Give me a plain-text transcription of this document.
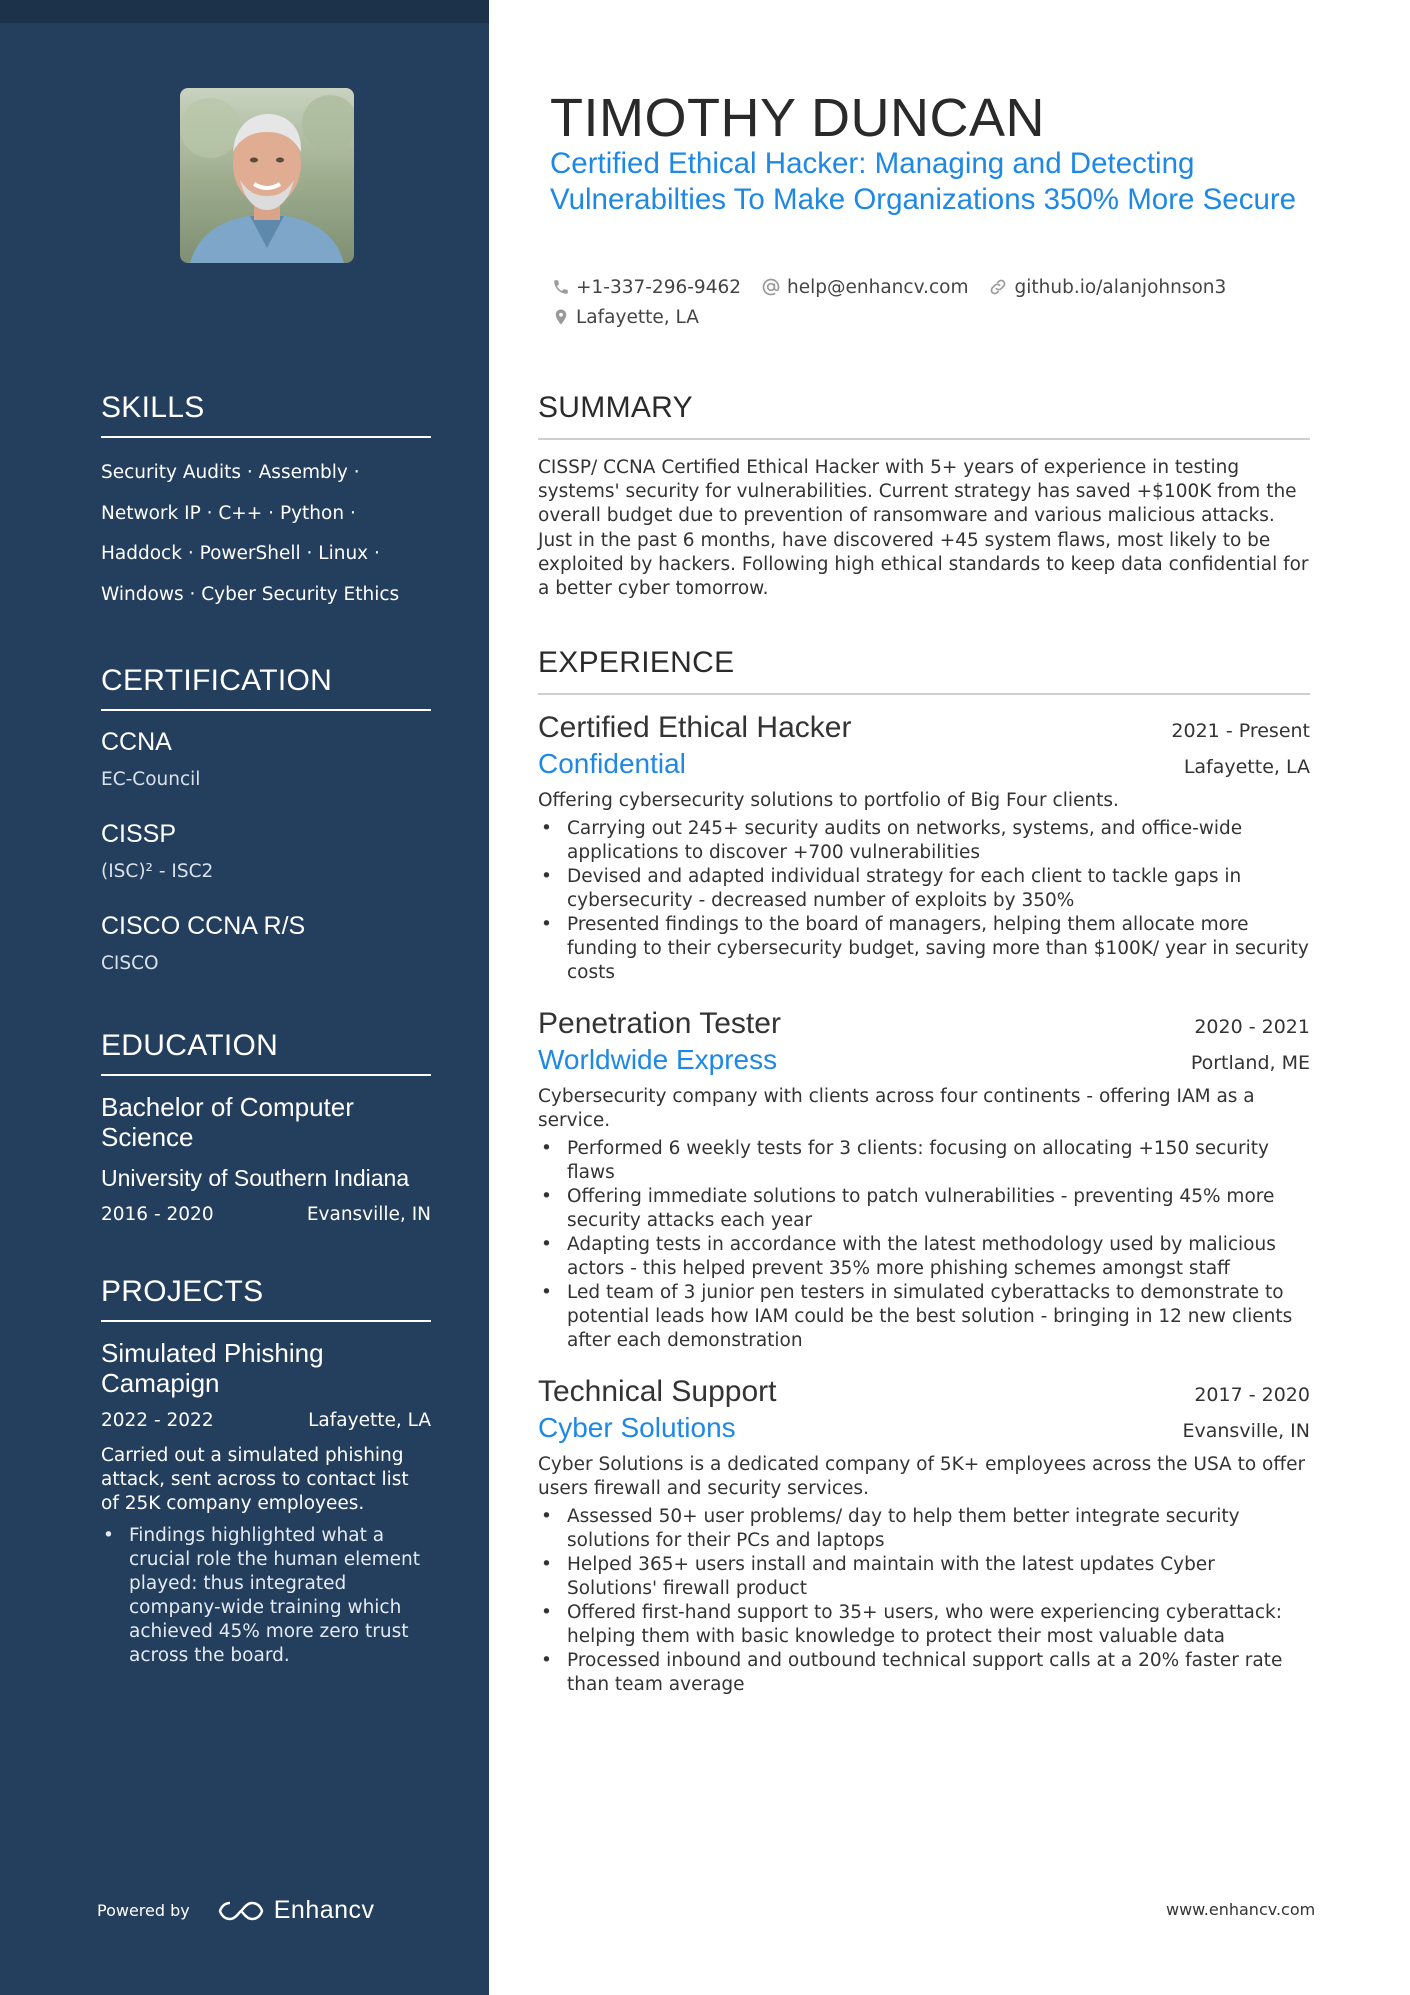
SKILLS
Security Audits · Assembly ·
Network IP · C++ · Python ·
Haddock · PowerShell · Linux ·
Windows · Cyber Security Ethics
CERTIFICATION
CCNA
EC-Council
CISSP
(ISC)² - ISC2
CISCO CCNA R/S
CISCO
EDUCATION
Bachelor of Computer Science
University of Southern Indiana
2016 - 2020	Evansville, IN
PROJECTS
Simulated Phishing Camapign
2022 - 2022	Lafayette, LA
Carried out a simulated phishing attack, sent across to contact list of 25K company employees.
• Findings highlighted what a crucial role the human element played: thus integrated company-wide training which achieved 45% more zero trust across the board.
Powered by	Enhancv
TIMOTHY DUNCAN
Certified Ethical Hacker: Managing and Detecting Vulnerabilties To Make Organizations 350% More Secure
+1-337-296-9462 help@enhancv.com github.io/alanjohnson3
Lafayette, LA
SUMMARY
CISSP/ CCNA Certified Ethical Hacker with 5+ years of experience in testing systems' security for vulnerabilities. Current strategy has saved +$100K from the overall budget due to prevention of ransomware and various malicious attacks. Just in the past 6 months, have discovered +45 system flaws, most likely to be exploited by hackers. Following high ethical standards to keep data confidential for a better cyber tomorrow.
EXPERIENCE
Certified Ethical Hacker	2021 - Present
Confidential	Lafayette, LA
Offering cybersecurity solutions to portfolio of Big Four clients.
• Carrying out 245+ security audits on networks, systems, and office-wide applications to discover +700 vulnerabilities
• Devised and adapted individual strategy for each client to tackle gaps in cybersecurity - decreased number of exploits by 350%
• Presented findings to the board of managers, helping them allocate more funding to their cybersecurity budget, saving more than $100K/ year in security costs
Penetration Tester	2020 - 2021
Worldwide Express	Portland, ME
Cybersecurity company with clients across four continents - offering IAM as a service.
• Performed 6 weekly tests for 3 clients: focusing on allocating +150 security flaws
• Offering immediate solutions to patch vulnerabilities - preventing 45% more security attacks each year
• Adapting tests in accordance with the latest methodology used by malicious actors - this helped prevent 35% more phishing schemes amongst staff
• Led team of 3 junior pen testers in simulated cyberattacks to demonstrate to potential leads how IAM could be the best solution - bringing in 12 new clients after each demonstration
Technical Support	2017 - 2020
Cyber Solutions	Evansville, IN
Cyber Solutions is a dedicated company of 5K+ employees across the USA to offer users firewall and security services.
• Assessed 50+ user problems/ day to help them better integrate security solutions for their PCs and laptops
• Helped 365+ users install and maintain with the latest updates Cyber Solutions' firewall product
• Offered first-hand support to 35+ users, who were experiencing cyberattack: helping them with basic knowledge to protect their most valuable data
• Processed inbound and outbound technical support calls at a 20% faster rate than team average
www.enhancv.com
